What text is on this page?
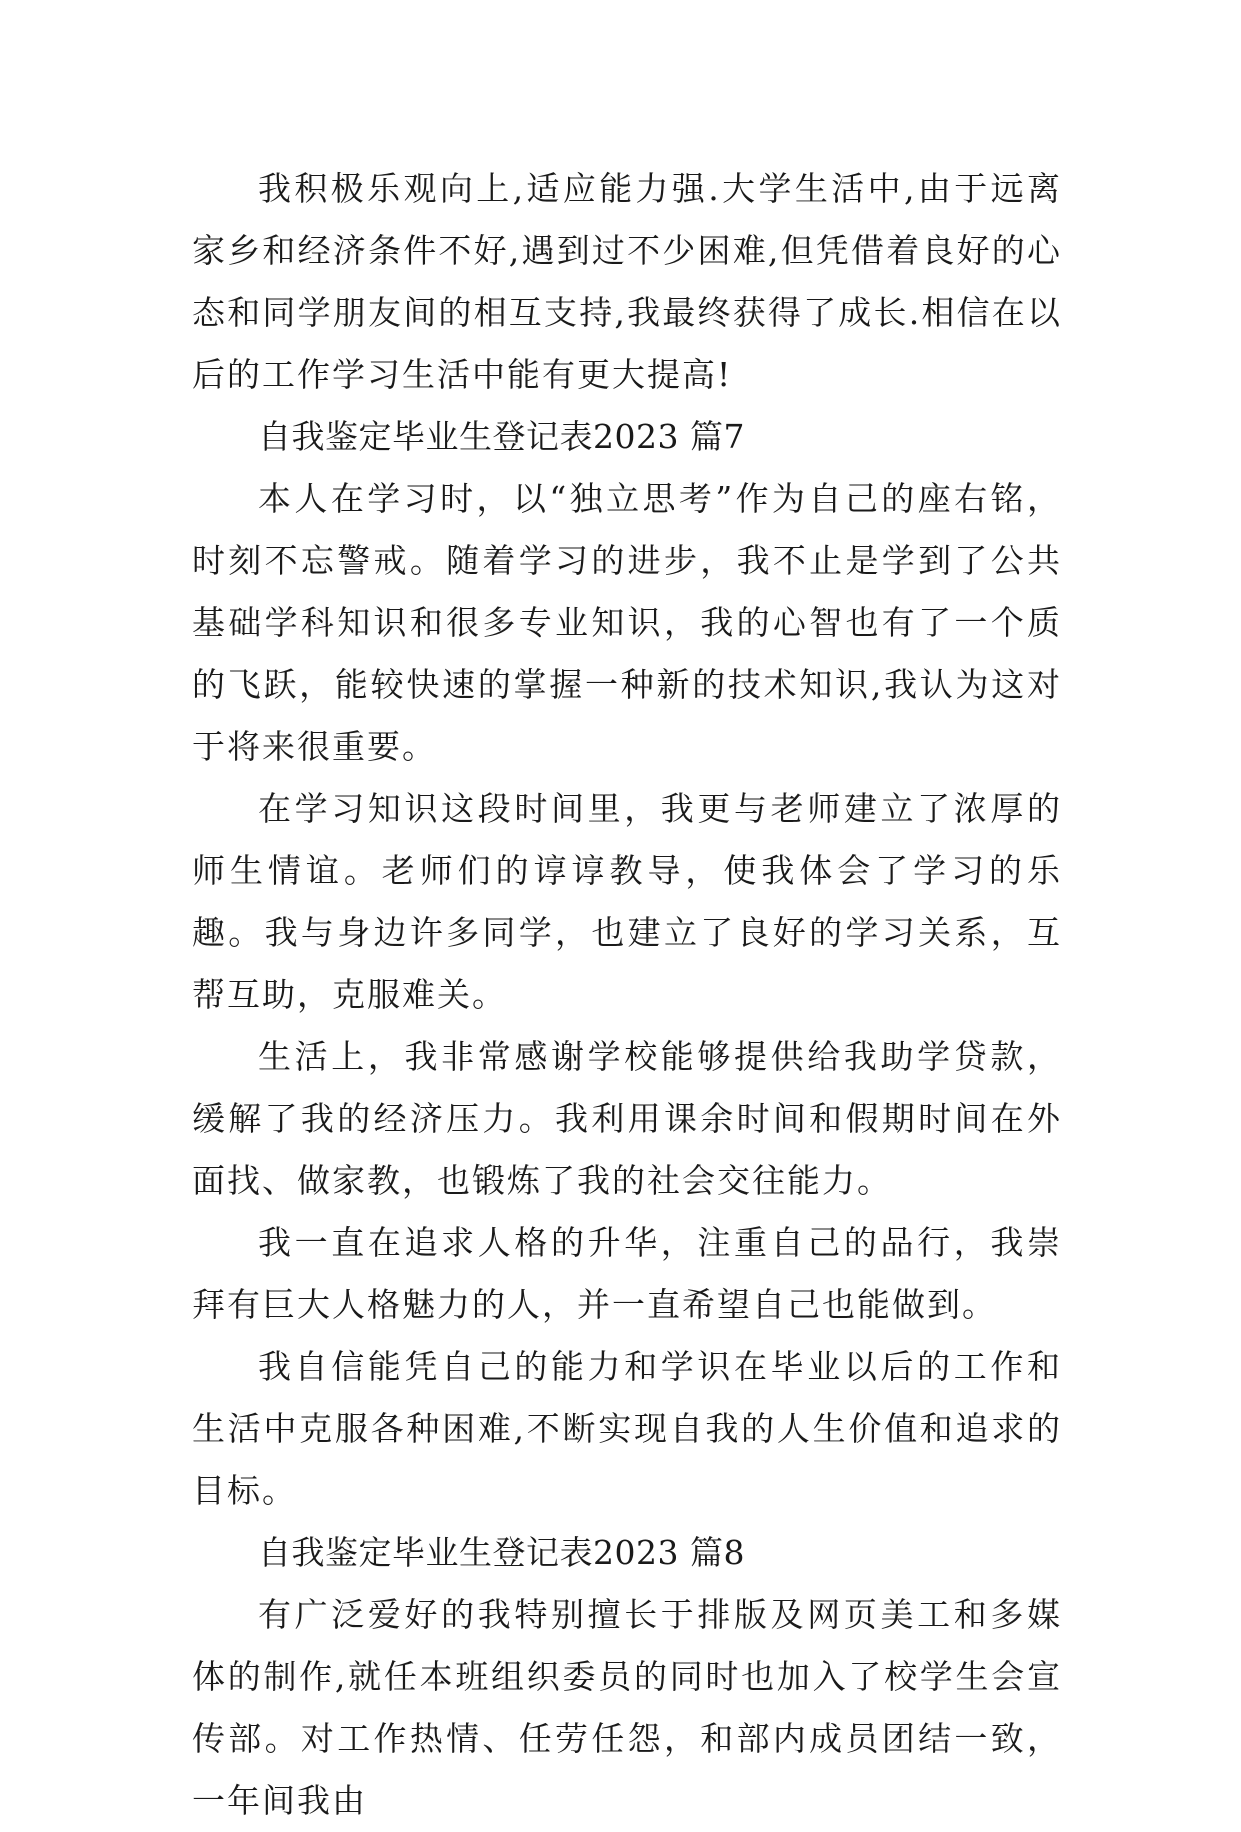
我积极乐观向上,适应能力强.大学生活中,由于远离家乡和经济条件不好,遇到过不少困难,但凭借着良好的心态和同学朋友间的相互支持,我最终获得了成长.相信在以后的工作学习生活中能有更大提高!

自我鉴定毕业生登记表2023 篇7

本人在学习时，以“独立思考”作为自己的座右铭，时刻不忘警戒。随着学习的进步，我不止是学到了公共基础学科知识和很多专业知识，我的心智也有了一个质的飞跃，能较快速的掌握一种新的技术知识,我认为这对于将来很重要。

在学习知识这段时间里，我更与老师建立了浓厚的师生情谊。老师们的谆谆教导，使我体会了学习的乐趣。我与身边许多同学，也建立了良好的学习关系，互帮互助，克服难关。

生活上，我非常感谢学校能够提供给我助学贷款，缓解了我的经济压力。我利用课余时间和假期时间在外面找、做家教，也锻炼了我的社会交往能力。

我一直在追求人格的升华，注重自己的品行，我崇拜有巨大人格魅力的人，并一直希望自己也能做到。

我自信能凭自己的能力和学识在毕业以后的工作和生活中克服各种困难,不断实现自我的人生价值和追求的目标。

自我鉴定毕业生登记表2023 篇8

有广泛爱好的我特别擅长于排版及网页美工和多媒体的制作,就任本班组织委员的同时也加入了校学生会宣传部。对工作热情、任劳任怨，和部内成员团结一致，一年间我由
